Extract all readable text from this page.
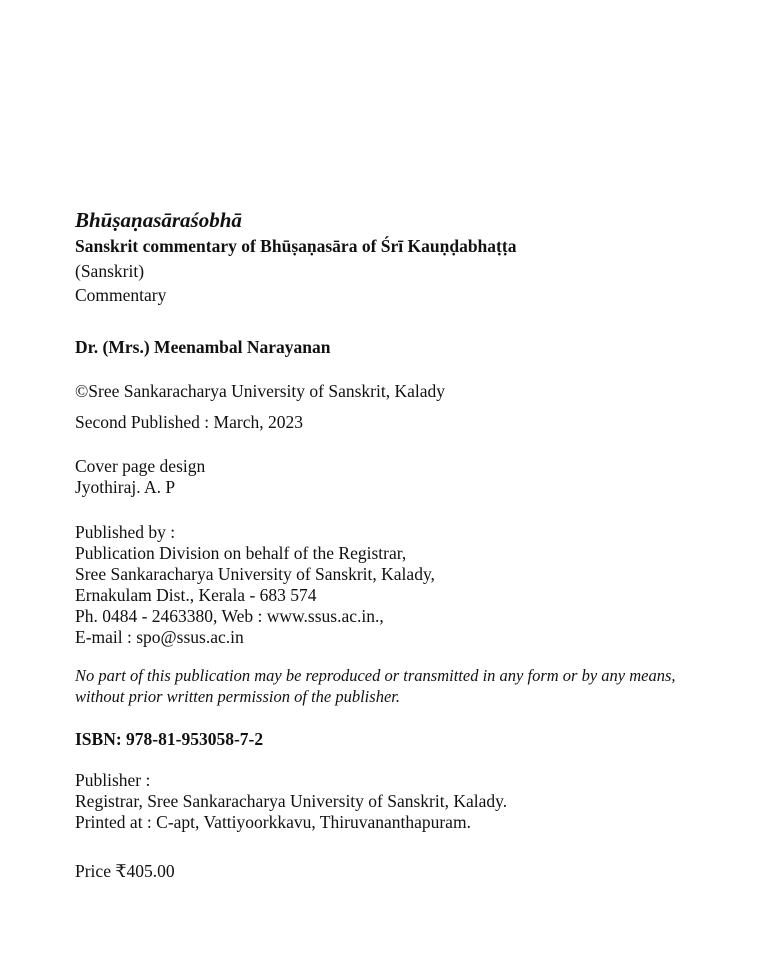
Bhūṣaṇasāraśobhā
Sanskrit commentary of Bhūṣaṇasāra of Śrī Kauṇḍabhaṭṭa
(Sanskrit)
Commentary
Dr. (Mrs.) Meenambal Narayanan
©Sree Sankaracharya University of Sanskrit, Kalady
Second Published : March, 2023
Cover page design
Jyothiraj. A. P
Published by :
Publication Division on behalf of the Registrar,
Sree Sankaracharya University of Sanskrit, Kalady,
Ernakulam Dist., Kerala - 683 574
Ph. 0484 - 2463380, Web : www.ssus.ac.in.,
E-mail : spo@ssus.ac.in
No part of this publication may be reproduced or transmitted in any form or by any means, without prior written permission of the publisher.
ISBN: 978-81-953058-7-2
Publisher :
Registrar, Sree Sankaracharya University of Sanskrit, Kalady.
Printed at : C-apt, Vattiyoorkkavu, Thiruvananthapuram.
Price ₹405.00
